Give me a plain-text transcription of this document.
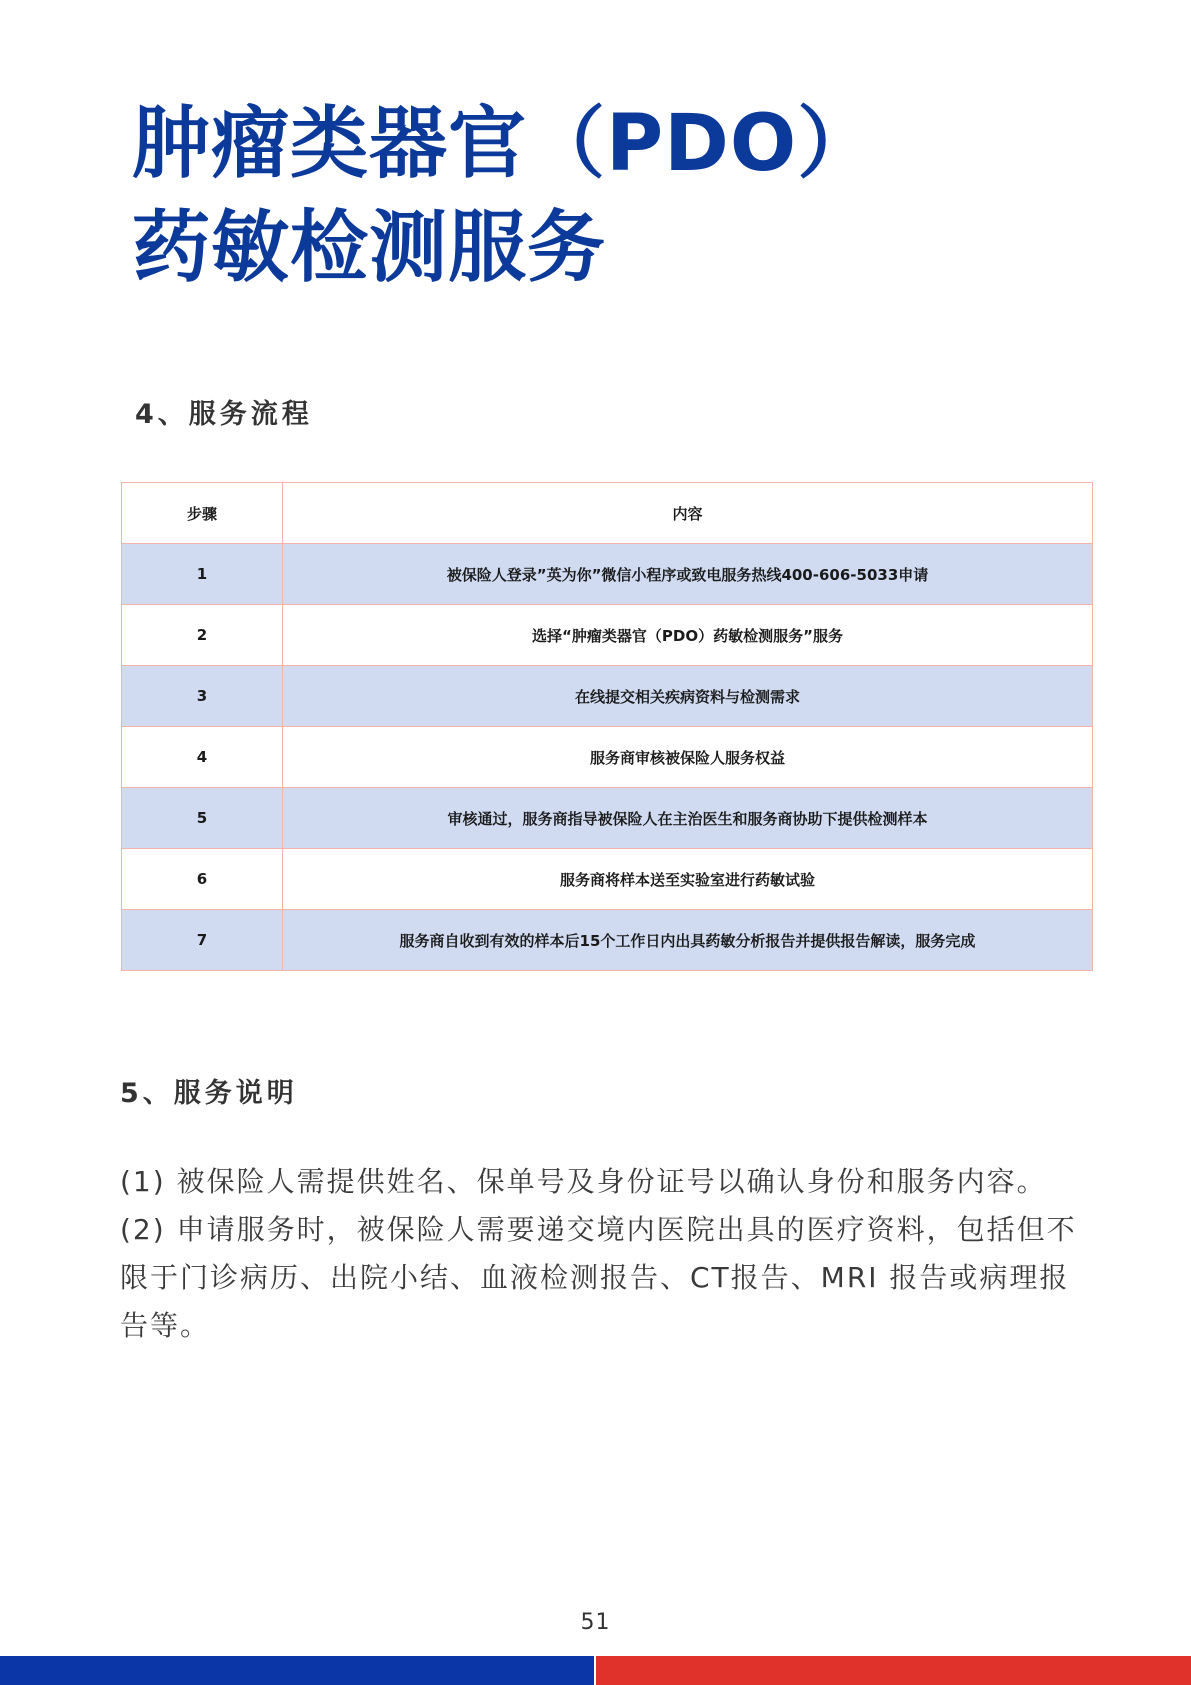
肿瘤类器官（PDO）
药敏检测服务
4、服务流程
步骤	内容
1	被保险人登录”英为你”微信小程序或致电服务热线400-606-5033申请
2	选择“肿瘤类器官（PDO）药敏检测服务”服务
3	在线提交相关疾病资料与检测需求
4	服务商审核被保险人服务权益
5	审核通过，服务商指导被保险人在主治医生和服务商协助下提供检测样本
6	服务商将样本送至实验室进行药敏试验
7	服务商自收到有效的样本后15个工作日内出具药敏分析报告并提供报告解读，服务完成
5、服务说明

(1) 被保险人需提供姓名、保单号及身份证号以确认身份和服务内容。

(2) 申请服务时，被保险人需要递交境内医院出具的医疗资料，包括但不限于门诊病历、出院小结、血液检测报告、CT报告、MRI 报告或病理报告等。

51
